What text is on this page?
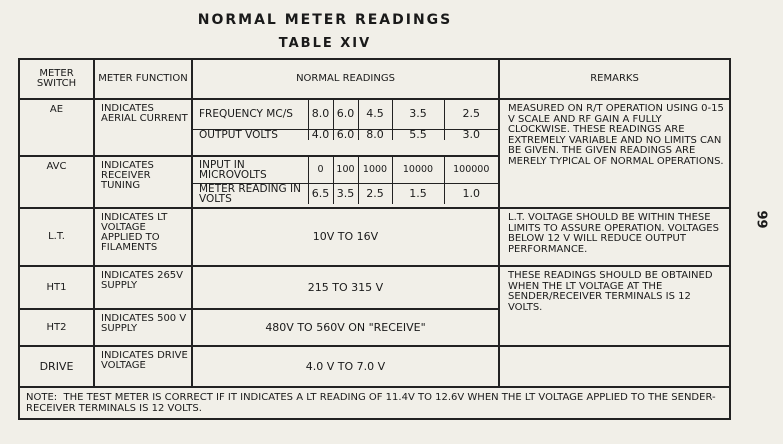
NORMAL METER READINGS
TABLE XIV
99
METER SWITCH	METER FUNCTION	NORMAL READINGS	REMARKS
AE	INDICATES AERIAL CURRENT	FREQUENCY MC/S	8.0	6.0	4.5	3.5	2.5
OUTPUT VOLTS	4.0	6.0	8.0	5.5	3.0
	MEASURED ON R/T OPERATION USING 0-15 V SCALE AND RF GAIN A FULLY CLOCKWISE. THESE READINGS ARE EXTREMELY VARIABLE AND NO LIMITS CAN BE GIVEN. THE GIVEN READINGS ARE MERELY TYPICAL OF NORMAL OPERATIONS.
AVC	INDICATES RECEIVER TUNING	
INPUT IN MICROVOLTS	0	100	1000	10000	100000
METER READING IN VOLTS	6.5	3.5	2.5	1.5	1.0

L.T.	INDICATES LT VOLTAGE APPLIED TO FILAMENTS	10V TO 16V	L.T. VOLTAGE SHOULD BE WITHIN THESE LIMITS TO ASSURE OPERATION. VOLTAGES BELOW 12 V WILL REDUCE OUTPUT PERFORMANCE.
HT1	INDICATES 265V SUPPLY	215 TO 315 V	THESE READINGS SHOULD BE OBTAINED WHEN THE LT VOLTAGE AT THE SENDER/RECEIVER TERMINALS IS 12 VOLTS.
HT2	INDICATES 500 V SUPPLY	480V TO 560V ON "RECEIVE"
DRIVE	INDICATES DRIVE VOLTAGE	4.0 V TO 7.0 V	
NOTE: THE TEST METER IS CORRECT IF IT INDICATES A LT READING OF 11.4V TO 12.6V WHEN THE LT VOLTAGE APPLIED TO THE SENDER-RECEIVER TERMINALS IS 12 VOLTS.
